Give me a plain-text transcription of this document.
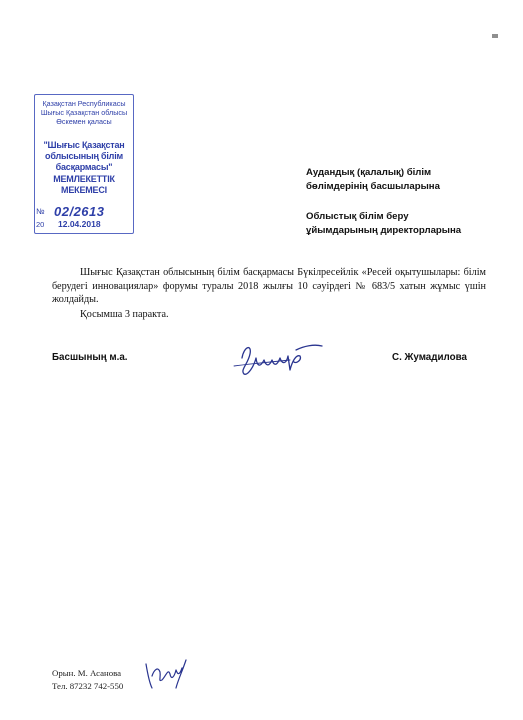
Қазақстан Республикасы
Шығыс Қазақстан облысы
Өскемен қаласы
"Шығыс Қазақстан
облысының білім
басқармасы"
МЕМЛЕКЕТТІК
МЕКЕМЕСІ
№ 02/2613
20 12.04.2018
Аудандық (қалалық) білім
бөлімдерінің басшыларына
Облыстық білім беру
ұйымдарының директорларына
Шығыс Қазақстан облысының білім басқармасы Бүкілресейлік «Ресей оқытушылары: білім берудегі инновациялар» форумы туралы 2018 жылғы 10 сәуірдегі № 683/5 хатын жұмыс үшін жолдайды.
Қосымша 3 паракта.
Басшының м.а.	С. Жумадилова
Орын. М. Асанова
Тел. 87232 742-550
